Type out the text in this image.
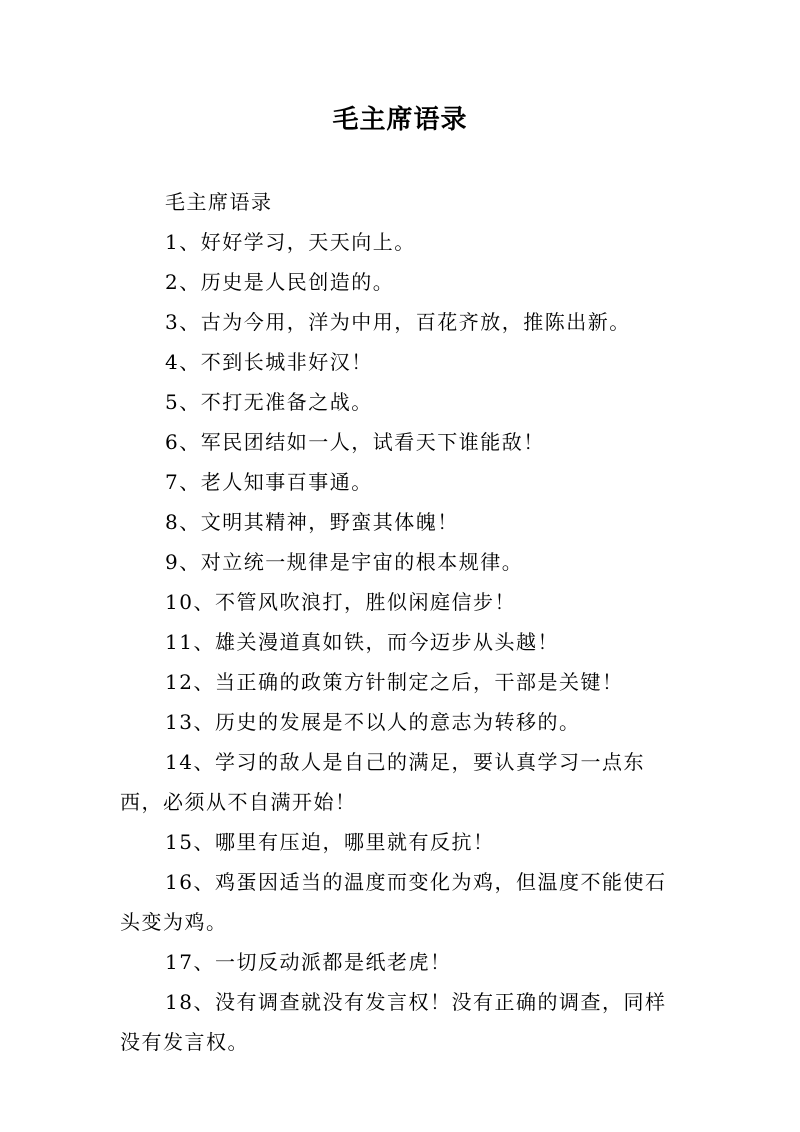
毛主席语录

毛主席语录

1、好好学习，天天向上。

2、历史是人民创造的。

3、古为今用，洋为中用，百花齐放，推陈出新。

4、不到长城非好汉！

5、不打无准备之战。

6、军民团结如一人，试看天下谁能敌！

7、老人知事百事通。

8、文明其精神，野蛮其体魄！

9、对立统一规律是宇宙的根本规律。

10、不管风吹浪打，胜似闲庭信步！

11、雄关漫道真如铁，而今迈步从头越！

12、当正确的政策方针制定之后，干部是关键！

13、历史的发展是不以人的意志为转移的。

14、学习的敌人是自己的满足，要认真学习一点东西，必须从不自满开始！

15、哪里有压迫，哪里就有反抗！

16、鸡蛋因适当的温度而变化为鸡，但温度不能使石头变为鸡。

17、一切反动派都是纸老虎！

18、没有调查就没有发言权！没有正确的调查，同样没有发言权。
